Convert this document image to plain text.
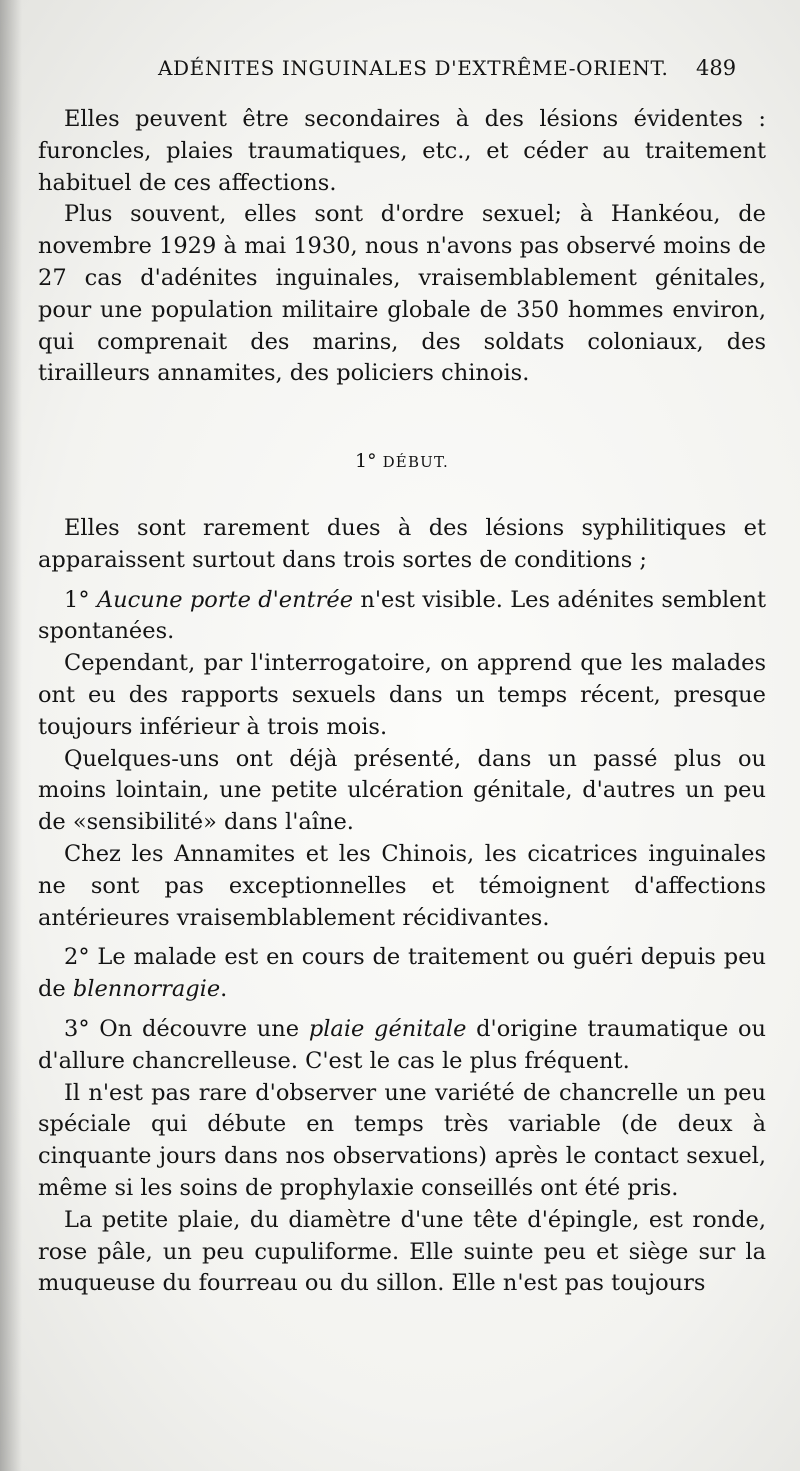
ADÉNITES INGUINALES D'EXTRÊME-ORIENT. 489

Elles peuvent être secondaires à des lésions évidentes : furoncles, plaies traumatiques, etc., et céder au traitement habituel de ces affections.

Plus souvent, elles sont d'ordre sexuel; à Hankéou, de novembre 1929 à mai 1930, nous n'avons pas observé moins de 27 cas d'adénites inguinales, vraisemblablement génitales, pour une population militaire globale de 350 hommes environ, qui comprenait des marins, des soldats coloniaux, des tirailleurs annamites, des policiers chinois.

1° DÉBUT.

Elles sont rarement dues à des lésions syphilitiques et apparaissent surtout dans trois sortes de conditions ;

1° Aucune porte d'entrée n'est visible. Les adénites semblent spontanées.

Cependant, par l'interrogatoire, on apprend que les malades ont eu des rapports sexuels dans un temps récent, presque toujours inférieur à trois mois.

Quelques-uns ont déjà présenté, dans un passé plus ou moins lointain, une petite ulcération génitale, d'autres un peu de «sensibilité» dans l'aîne.

Chez les Annamites et les Chinois, les cicatrices inguinales ne sont pas exceptionnelles et témoignent d'affections antérieures vraisemblablement récidivantes.

2° Le malade est en cours de traitement ou guéri depuis peu de blennorragie.

3° On découvre une plaie génitale d'origine traumatique ou d'allure chancrelleuse. C'est le cas le plus fréquent.

Il n'est pas rare d'observer une variété de chancrelle un peu spéciale qui débute en temps très variable (de deux à cinquante jours dans nos observations) après le contact sexuel, même si les soins de prophylaxie conseillés ont été pris.

La petite plaie, du diamètre d'une tête d'épingle, est ronde, rose pâle, un peu cupuliforme. Elle suinte peu et siège sur la muqueuse du fourreau ou du sillon. Elle n'est pas toujours
